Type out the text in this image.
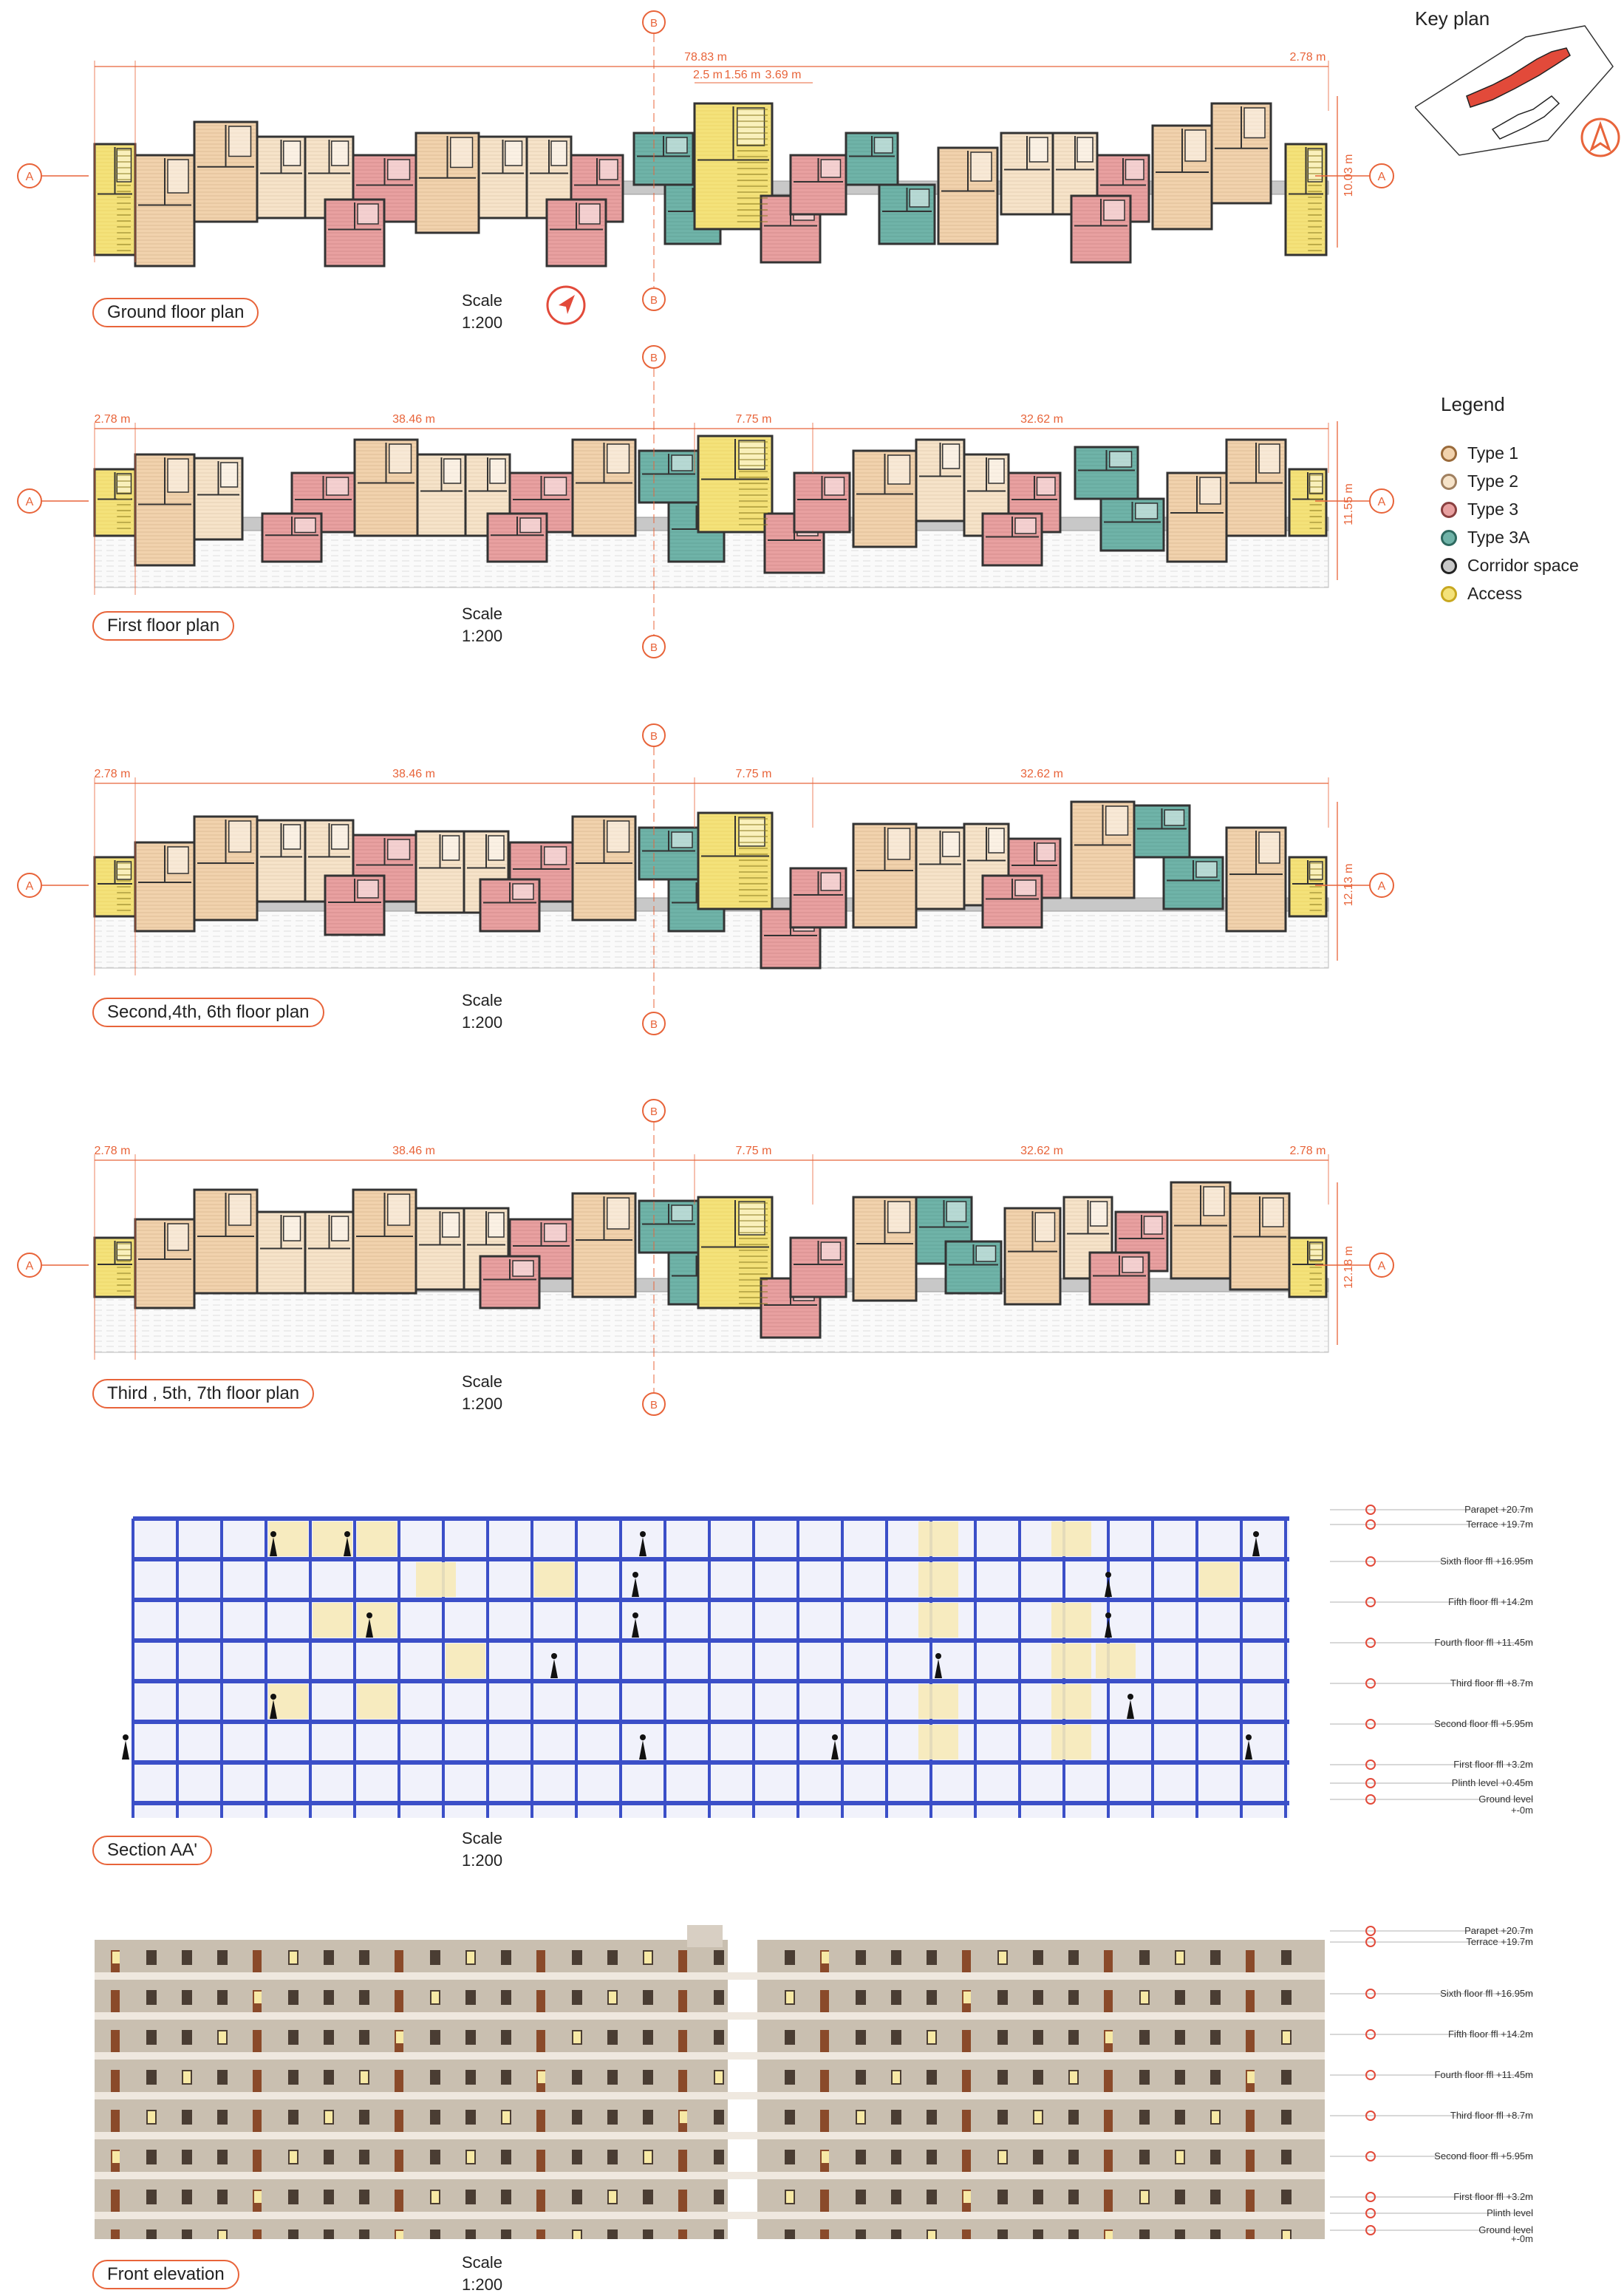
Key plan
Legend
Type 1
Type 2
Type 3
Type 3A
Corridor space
Access
A	A
B
B
10.03 m
78.83 m
2.5 m 1.56 m 3.69 m
2.78 m
A	A
B
B
11.55 m
2.78 m	38.46 m	7.75 m	32.62 m
A	A
B
B
12.13 m
2.78 m	38.46 m	7.75 m	32.62 m
A	A
B
B
12.18 m
2.78 m	38.46 m	7.75 m	32.62 m	2.78 m
Ground floor plan
Scale
1:200
First floor plan
Scale
1:200
Second,4th, 6th floor plan
Scale
1:200
Third , 5th, 7th floor plan
Scale
1:200
Parapet +20.7m
Terrace +19.7m
Sixth floor ffl +16.95m
Fifth floor ffl +14.2m
Fourth floor ffl +11.45m
Third floor ffl +8.7m
Second floor ffl +5.95m
First floor ffl +3.2m
Plinth level +0.45m
Ground level
+-0m
Section AA'
Scale
1:200
Parapet +20.7m
Terrace +19.7m
Sixth floor ffl +16.95m
Fifth floor ffl +14.2m
Fourth floor ffl +11.45m
Third floor ffl +8.7m
Second floor ffl +5.95m
First floor ffl +3.2m
Plinth level
Ground level
+-0m
Front elevation
Scale
1:200
